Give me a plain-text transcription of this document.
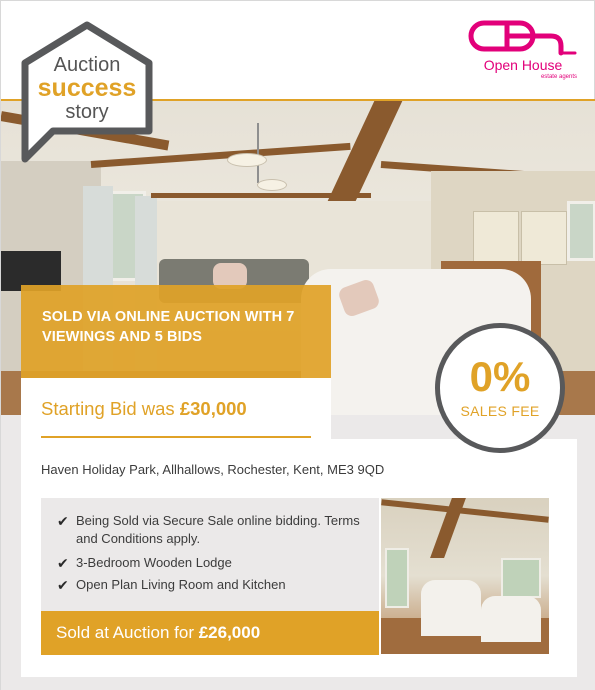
Auction
success
story
Open House
estate agents
SOLD VIA ONLINE AUCTION WITH 7 VIEWINGS AND 5 BIDS
Starting Bid was £30,000
0%
SALES FEE
Haven Holiday Park, Allhallows, Rochester, Kent, ME3 9QD
✔ Being Sold via Secure Sale online bidding. Terms and Conditions apply.
✔ 3-Bedroom Wooden Lodge
✔ Open Plan Living Room and Kitchen
Sold at Auction for £26,000
